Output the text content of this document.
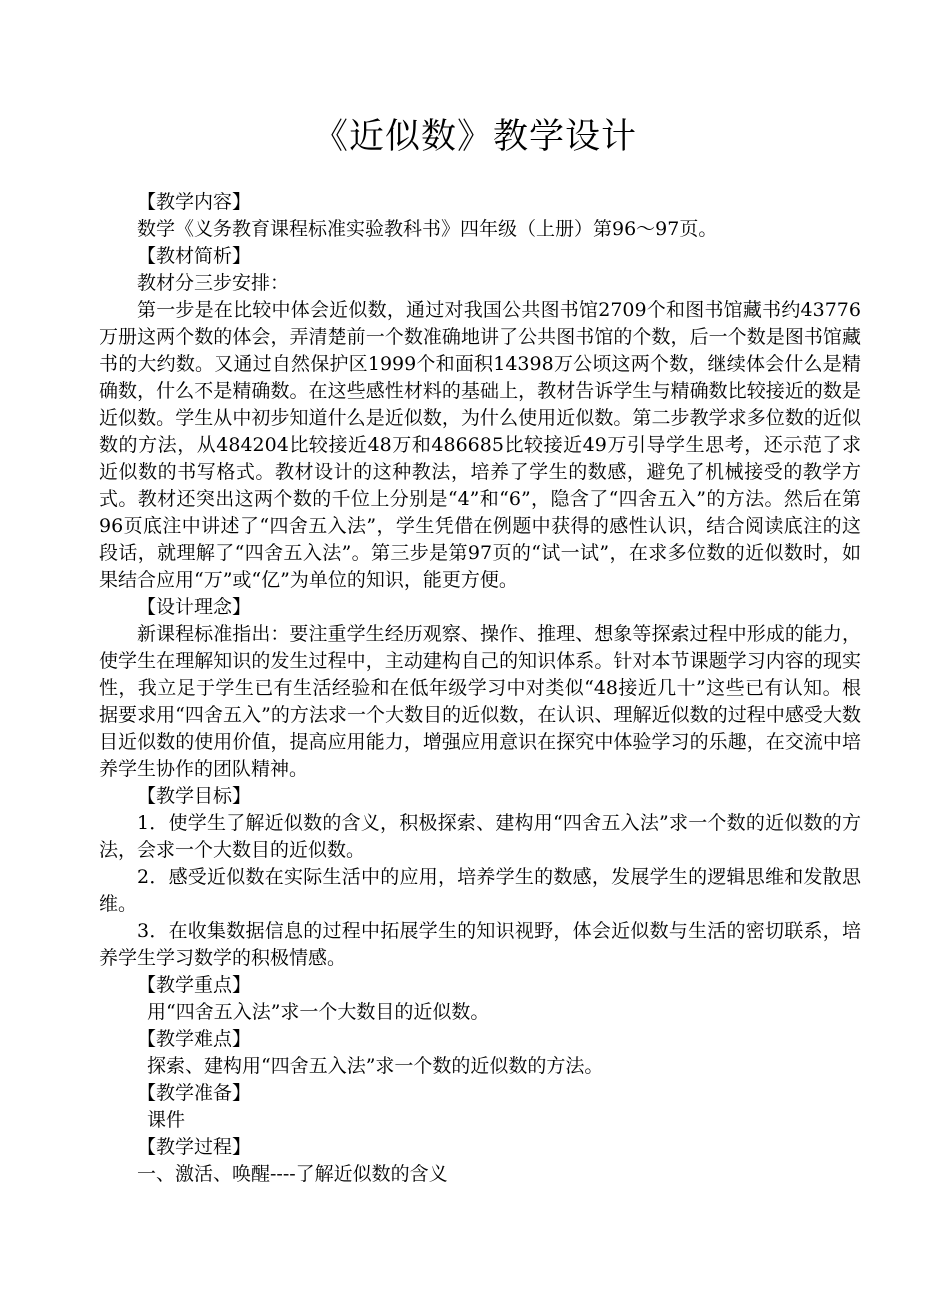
《近似数》教学设计

【教学内容】

数学《义务教育课程标准实验教科书》四年级（上册）第96～97页。

【教材简析】

教材分三步安排：

第一步是在比较中体会近似数，通过对我国公共图书馆2709个和图书馆藏书约43776万册这两个数的体会，弄清楚前一个数准确地讲了公共图书馆的个数，后一个数是图书馆藏书的大约数。又通过自然保护区1999个和面积14398万公顷这两个数，继续体会什么是精确数，什么不是精确数。在这些感性材料的基础上，教材告诉学生与精确数比较接近的数是近似数。学生从中初步知道什么是近似数，为什么使用近似数。第二步教学求多位数的近似数的方法，从484204比较接近48万和486685比较接近49万引导学生思考，还示范了求近似数的书写格式。教材设计的这种教法，培养了学生的数感，避免了机械接受的教学方式。教材还突出这两个数的千位上分别是“4”和“6”，隐含了“四舍五入”的方法。然后在第96页底注中讲述了“四舍五入法”，学生凭借在例题中获得的感性认识，结合阅读底注的这段话，就理解了“四舍五入法”。第三步是第97页的“试一试”，在求多位数的近似数时，如果结合应用“万”或“亿”为单位的知识，能更方便。

【设计理念】

新课程标准指出：要注重学生经历观察、操作、推理、想象等探索过程中形成的能力，使学生在理解知识的发生过程中，主动建构自己的知识体系。针对本节课题学习内容的现实性，我立足于学生已有生活经验和在低年级学习中对类似“48接近几十”这些已有认知。根据要求用“四舍五入”的方法求一个大数目的近似数，在认识、理解近似数的过程中感受大数目近似数的使用价值，提高应用能力，增强应用意识在探究中体验学习的乐趣，在交流中培养学生协作的团队精神。

【教学目标】

1．使学生了解近似数的含义，积极探索、建构用“四舍五入法”求一个数的近似数的方法，会求一个大数目的近似数。

2．感受近似数在实际生活中的应用，培养学生的数感，发展学生的逻辑思维和发散思维。

3．在收集数据信息的过程中拓展学生的知识视野，体会近似数与生活的密切联系，培养学生学习数学的积极情感。

【教学重点】

用“四舍五入法”求一个大数目的近似数。

【教学难点】

探索、建构用“四舍五入法”求一个数的近似数的方法。

【教学准备】

课件

【教学过程】

一、激活、唤醒----了解近似数的含义
